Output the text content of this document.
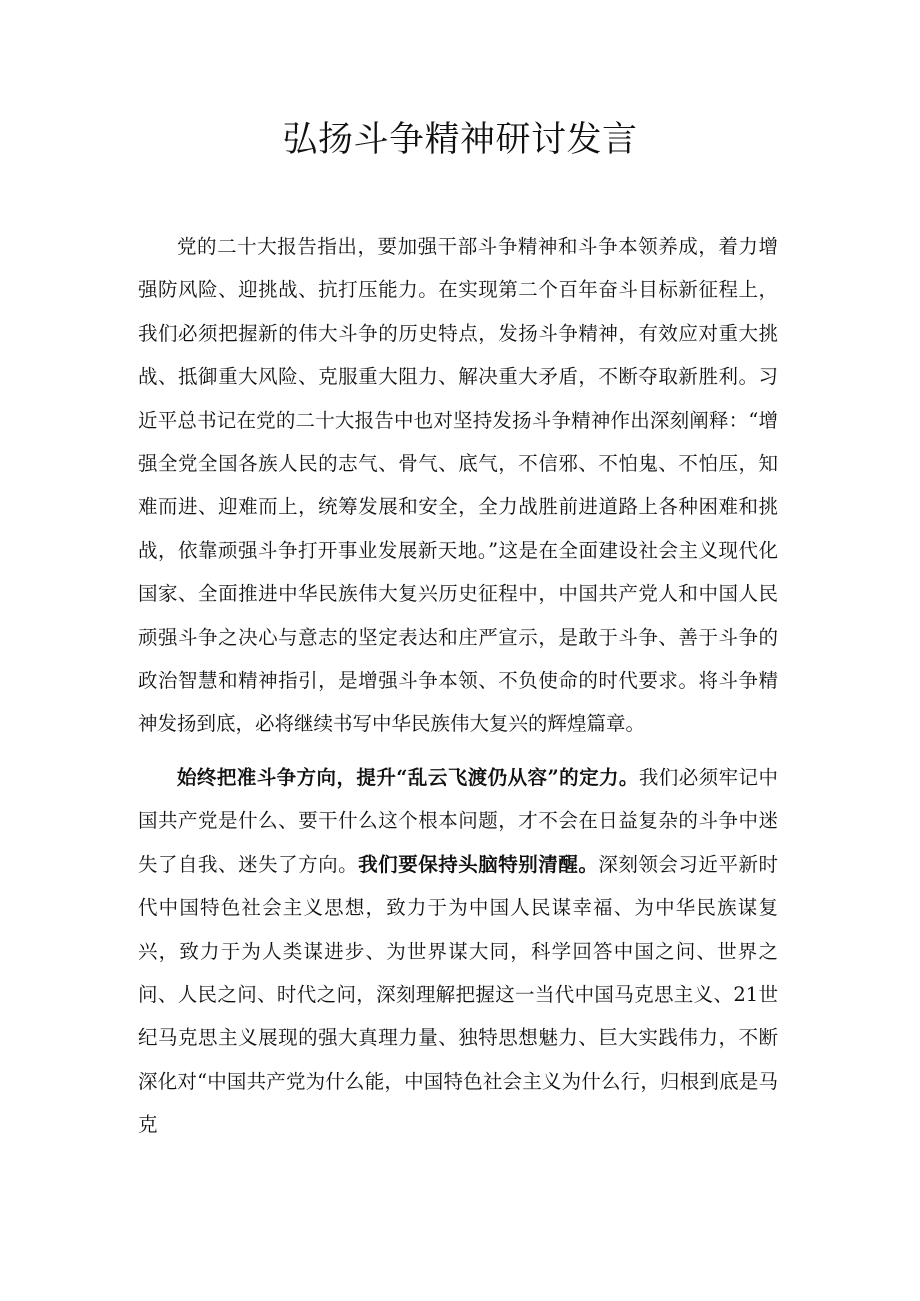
弘扬斗争精神研讨发言

党的二十大报告指出，要加强干部斗争精神和斗争本领养成，着力增强防风险、迎挑战、抗打压能力。在实现第二个百年奋斗目标新征程上，我们必须把握新的伟大斗争的历史特点，发扬斗争精神，有效应对重大挑战、抵御重大风险、克服重大阻力、解决重大矛盾，不断夺取新胜利。习近平总书记在党的二十大报告中也对坚持发扬斗争精神作出深刻阐释：“增强全党全国各族人民的志气、骨气、底气，不信邪、不怕鬼、不怕压，知难而进、迎难而上，统筹发展和安全，全力战胜前进道路上各种困难和挑战，依靠顽强斗争打开事业发展新天地。”这是在全面建设社会主义现代化国家、全面推进中华民族伟大复兴历史征程中，中国共产党人和中国人民顽强斗争之决心与意志的坚定表达和庄严宣示，是敢于斗争、善于斗争的政治智慧和精神指引，是增强斗争本领、不负使命的时代要求。将斗争精神发扬到底，必将继续书写中华民族伟大复兴的辉煌篇章。

始终把准斗争方向，提升“乱云飞渡仍从容”的定力。我们必须牢记中国共产党是什么、要干什么这个根本问题，才不会在日益复杂的斗争中迷失了自我、迷失了方向。我们要保持头脑特别清醒。深刻领会习近平新时代中国特色社会主义思想，致力于为中国人民谋幸福、为中华民族谋复兴，致力于为人类谋进步、为世界谋大同，科学回答中国之问、世界之问、人民之问、时代之问，深刻理解把握这一当代中国马克思主义、21世纪马克思主义展现的强大真理力量、独特思想魅力、巨大实践伟力，不断深化对“中国共产党为什么能，中国特色社会主义为什么行，归根到底是马克
